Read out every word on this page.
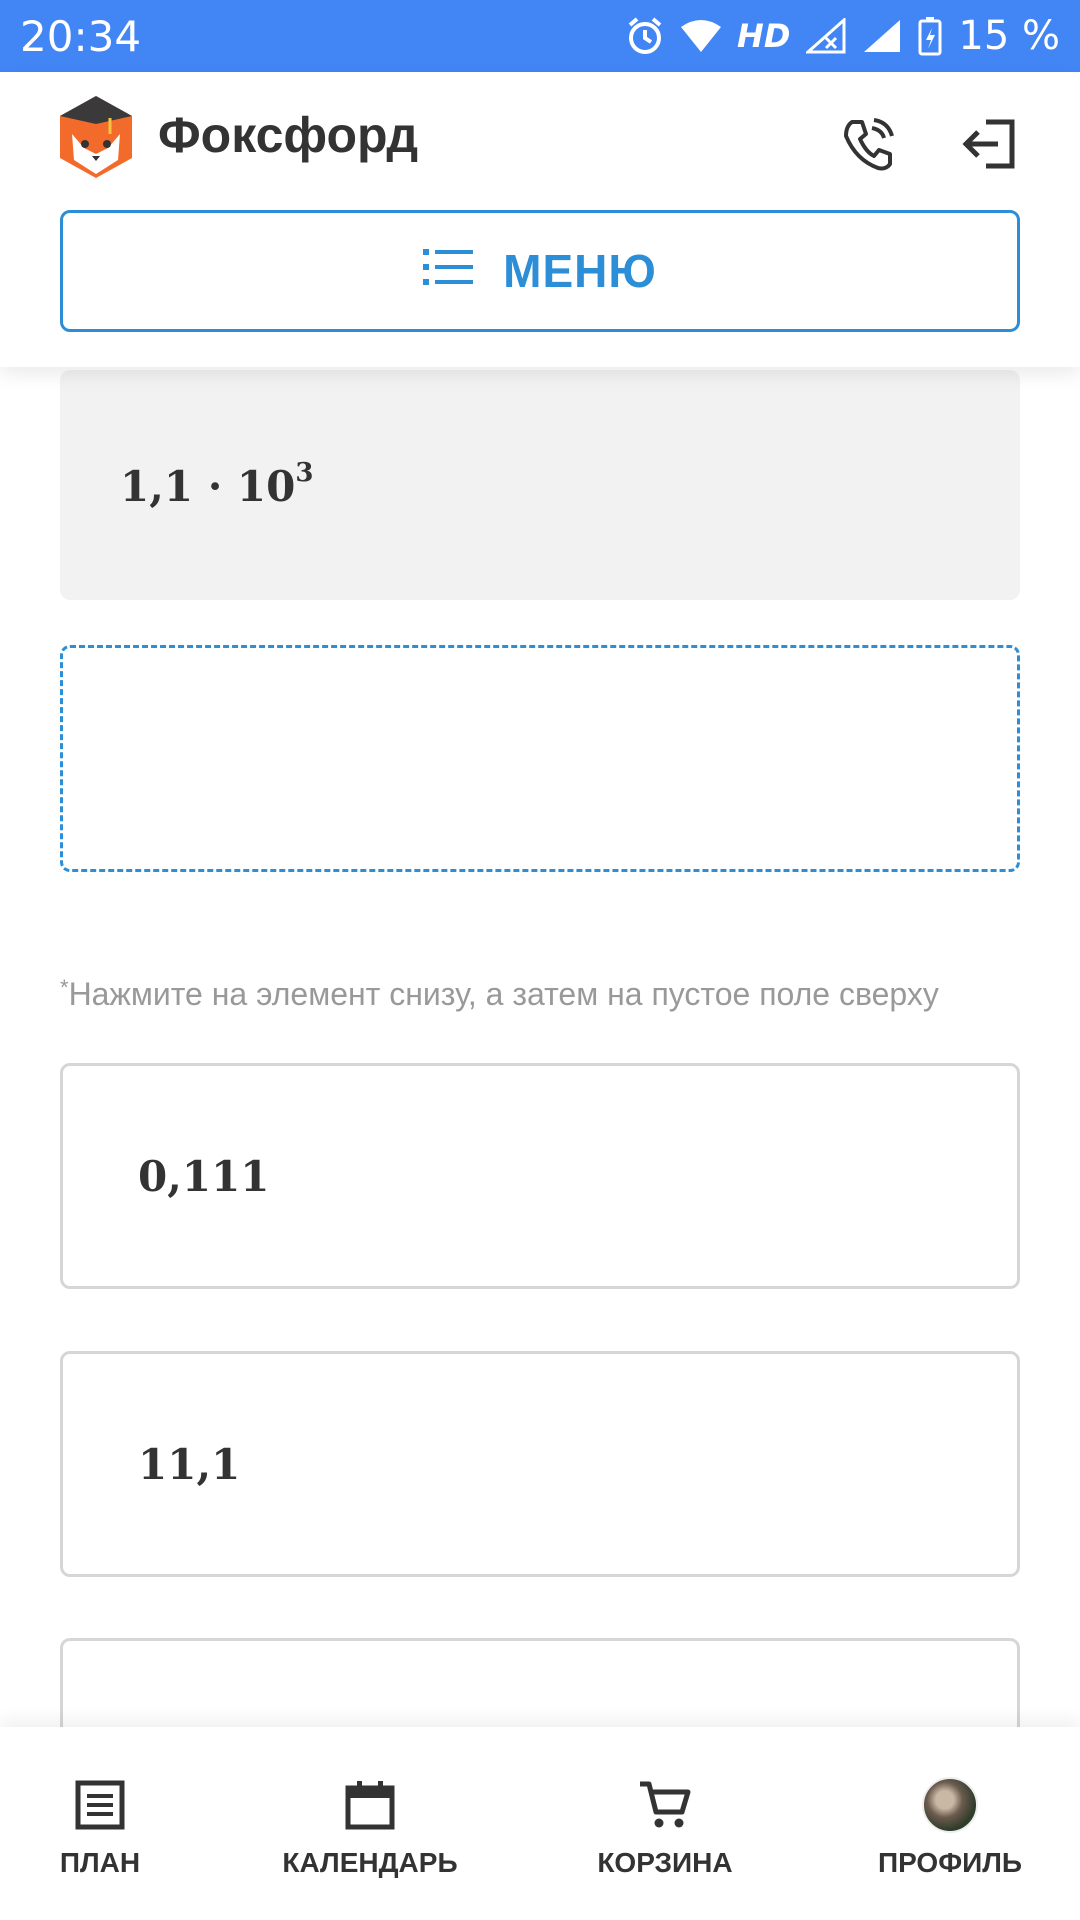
20:34	HD	15 %
Фоксфорд
МЕНЮ
$1,1 \cdot 10^3$
*Нажмите на элемент снизу, а затем на пустое поле сверху
0,111
11,1
ПЛАН	КАЛЕНДАРЬ	КОРЗИНА	ПРОФИЛЬ
